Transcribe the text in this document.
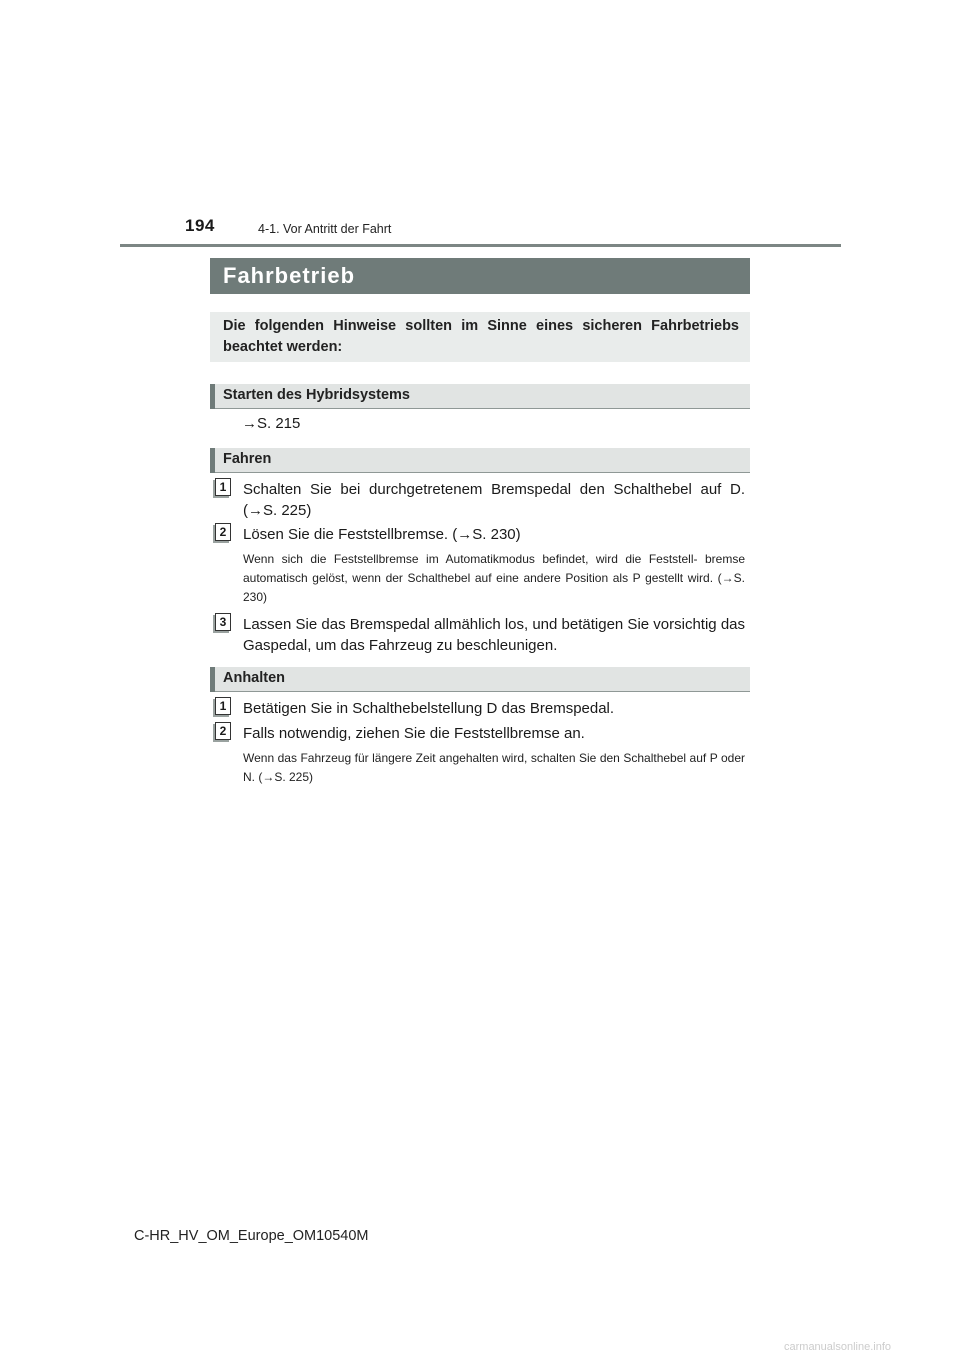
194	4-1. Vor Antritt der Fahrt
Fahrbetrieb

Die folgenden Hinweise sollten im Sinne eines sicheren Fahrbetriebs beachtet werden:

Starten des Hybridsystems
→S. 215
Fahren
1	Schalten Sie bei durchgetretenem Bremspedal den Schalthebel auf D. (→S. 225)

2	Lösen Sie die Feststellbremse. (→S. 230)

Wenn sich die Feststellbremse im Automatikmodus befindet, wird die Feststell- bremse automatisch gelöst, wenn der Schalthebel auf eine andere Position als P gestellt wird. (→S. 230)

3	Lassen Sie das Bremspedal allmählich los, und betätigen Sie vorsichtig das Gaspedal, um das Fahrzeug zu beschleunigen.

Anhalten
1	Betätigen Sie in Schalthebelstellung D das Bremspedal.

2	Falls notwendig, ziehen Sie die Feststellbremse an.

Wenn das Fahrzeug für längere Zeit angehalten wird, schalten Sie den Schalthebel auf P oder N. (→S. 225)

C-HR_HV_OM_Europe_OM10540M
carmanualsonline.info
